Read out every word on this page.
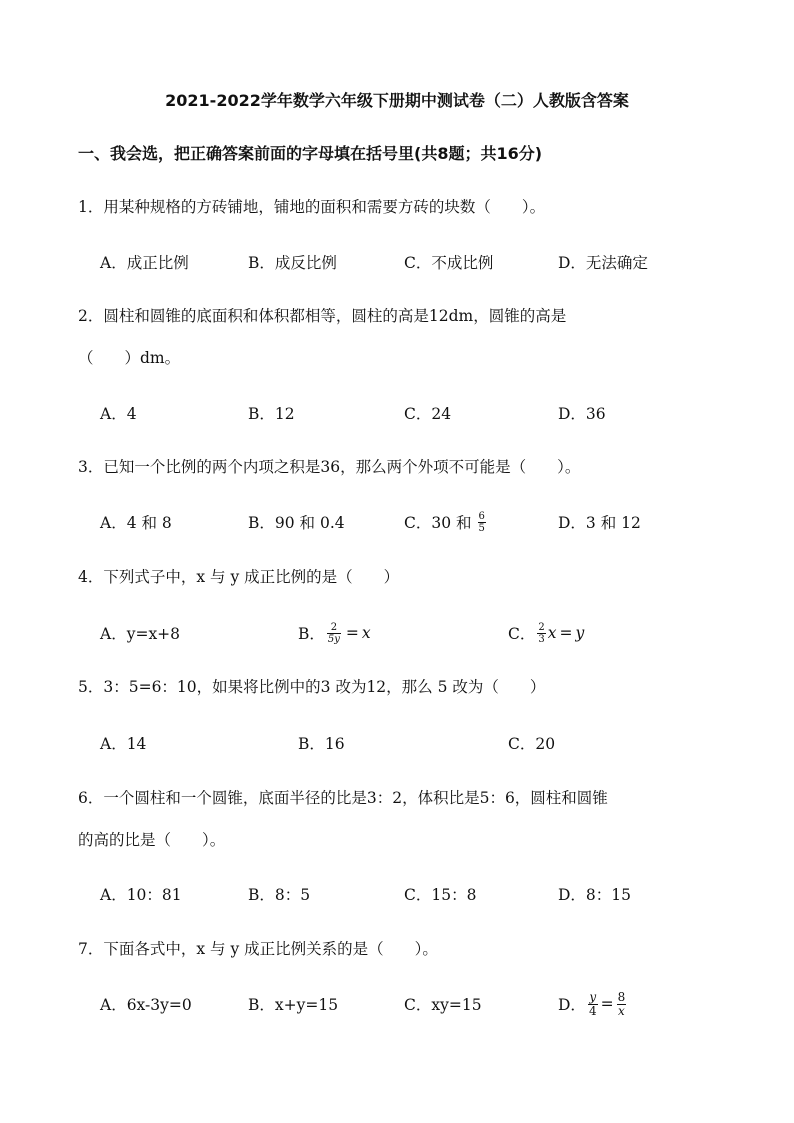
2021-2022学年数学六年级下册期中测试卷（二）人教版含答案
一、我会选，把正确答案前面的字母填在括号里(共8题；共16分)
1．用某种规格的方砖铺地，铺地的面积和需要方砖的块数（　　）。
A．成正比例	B．成反比例	C．不成比例	D．无法确定
2．圆柱和圆锥的底面积和体积都相等，圆柱的高是12dm，圆锥的高是
（　　）dm。
A．4	B．12	C．24	D．36
3．已知一个比例的两个内项之积是36，那么两个外项不可能是（　　）。
A．4 和 8	B．90 和 0.4	C．30 和 $\frac{6}{5}$	D．3 和 12
4．下列式子中，x 与 y 成正比例的是（　　）
A．y=x+8	B． $\frac{2}{5y} = x$	C． $\frac{2}{3}$ x = y
5．3：5=6：10，如果将比例中的3 改为12，那么 5 改为（　　）
A．14	B．16	C．20
6．一个圆柱和一个圆锥，底面半径的比是3：2，体积比是5：6，圆柱和圆锥
的高的比是（　　）。
A．10：81	B．8：5	C．15：8	D．8：15
7．下面各式中，x 与 y 成正比例关系的是（　　）。
A．6x-3y=0	B．x+y=15	C．xy=15	D． $\frac{y}{4} = \frac{8}{x}$
